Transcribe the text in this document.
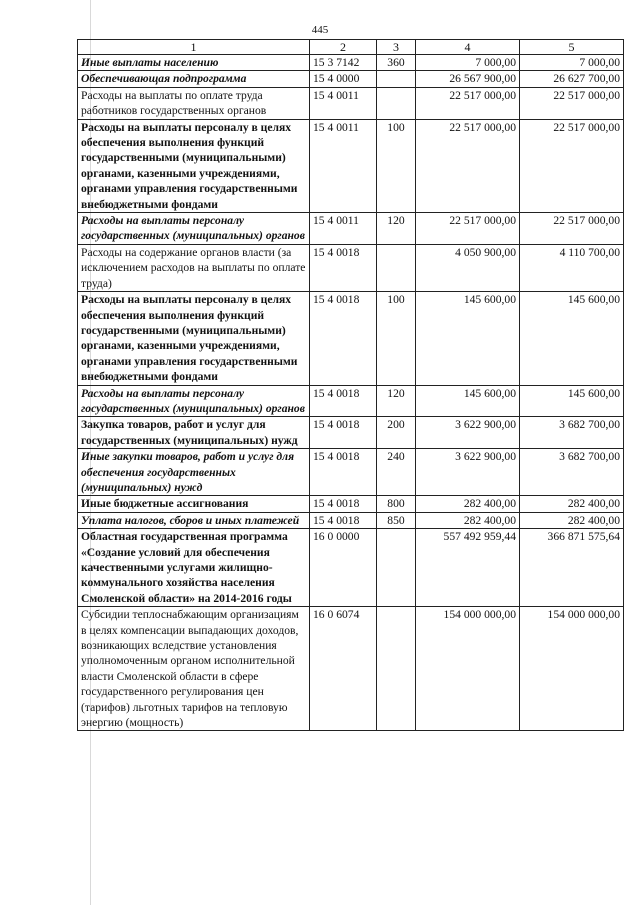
445
1	2	3	4	5
Иные выплаты населению	15 3 7142	360	7 000,00	7 000,00
Обеспечивающая подпрограмма	15 4 0000		26 567 900,00	26 627 700,00
Расходы на выплаты по оплате труда работников государственных органов	15 4 0011		22 517 000,00	22 517 000,00
Расходы на выплаты персоналу в целях обеспечения выполнения функций государственными (муниципальными) органами, казенными учреждениями, органами управления государственными внебюджетными фондами	15 4 0011	100	22 517 000,00	22 517 000,00
Расходы на выплаты персоналу государственных (муниципальных) органов	15 4 0011	120	22 517 000,00	22 517 000,00
Расходы на содержание органов власти (за исключением расходов на выплаты по оплате труда)	15 4 0018		4 050 900,00	4 110 700,00
Расходы на выплаты персоналу в целях обеспечения выполнения функций государственными (муниципальными) органами, казенными учреждениями, органами управления государственными внебюджетными фондами	15 4 0018	100	145 600,00	145 600,00
Расходы на выплаты персоналу государственных (муниципальных) органов	15 4 0018	120	145 600,00	145 600,00
Закупка товаров, работ и услуг для государственных (муниципальных) нужд	15 4 0018	200	3 622 900,00	3 682 700,00
Иные закупки товаров, работ и услуг для обеспечения государственных (муниципальных) нужд	15 4 0018	240	3 622 900,00	3 682 700,00
Иные бюджетные ассигнования	15 4 0018	800	282 400,00	282 400,00
Уплата налогов, сборов и иных платежей	15 4 0018	850	282 400,00	282 400,00
Областная государственная программа «Создание условий для обеспечения качественными услугами жилищно-коммунального хозяйства населения Смоленской области» на 2014-2016 годы	16 0 0000		557 492 959,44	366 871 575,64
Субсидии теплоснабжающим организациям в целях компенсации выпадающих доходов, возникающих вследствие установления уполномоченным органом исполнительной власти Смоленской области в сфере государственного регулирования цен (тарифов) льготных тарифов на тепловую энергию (мощность)	16 0 6074		154 000 000,00	154 000 000,00
